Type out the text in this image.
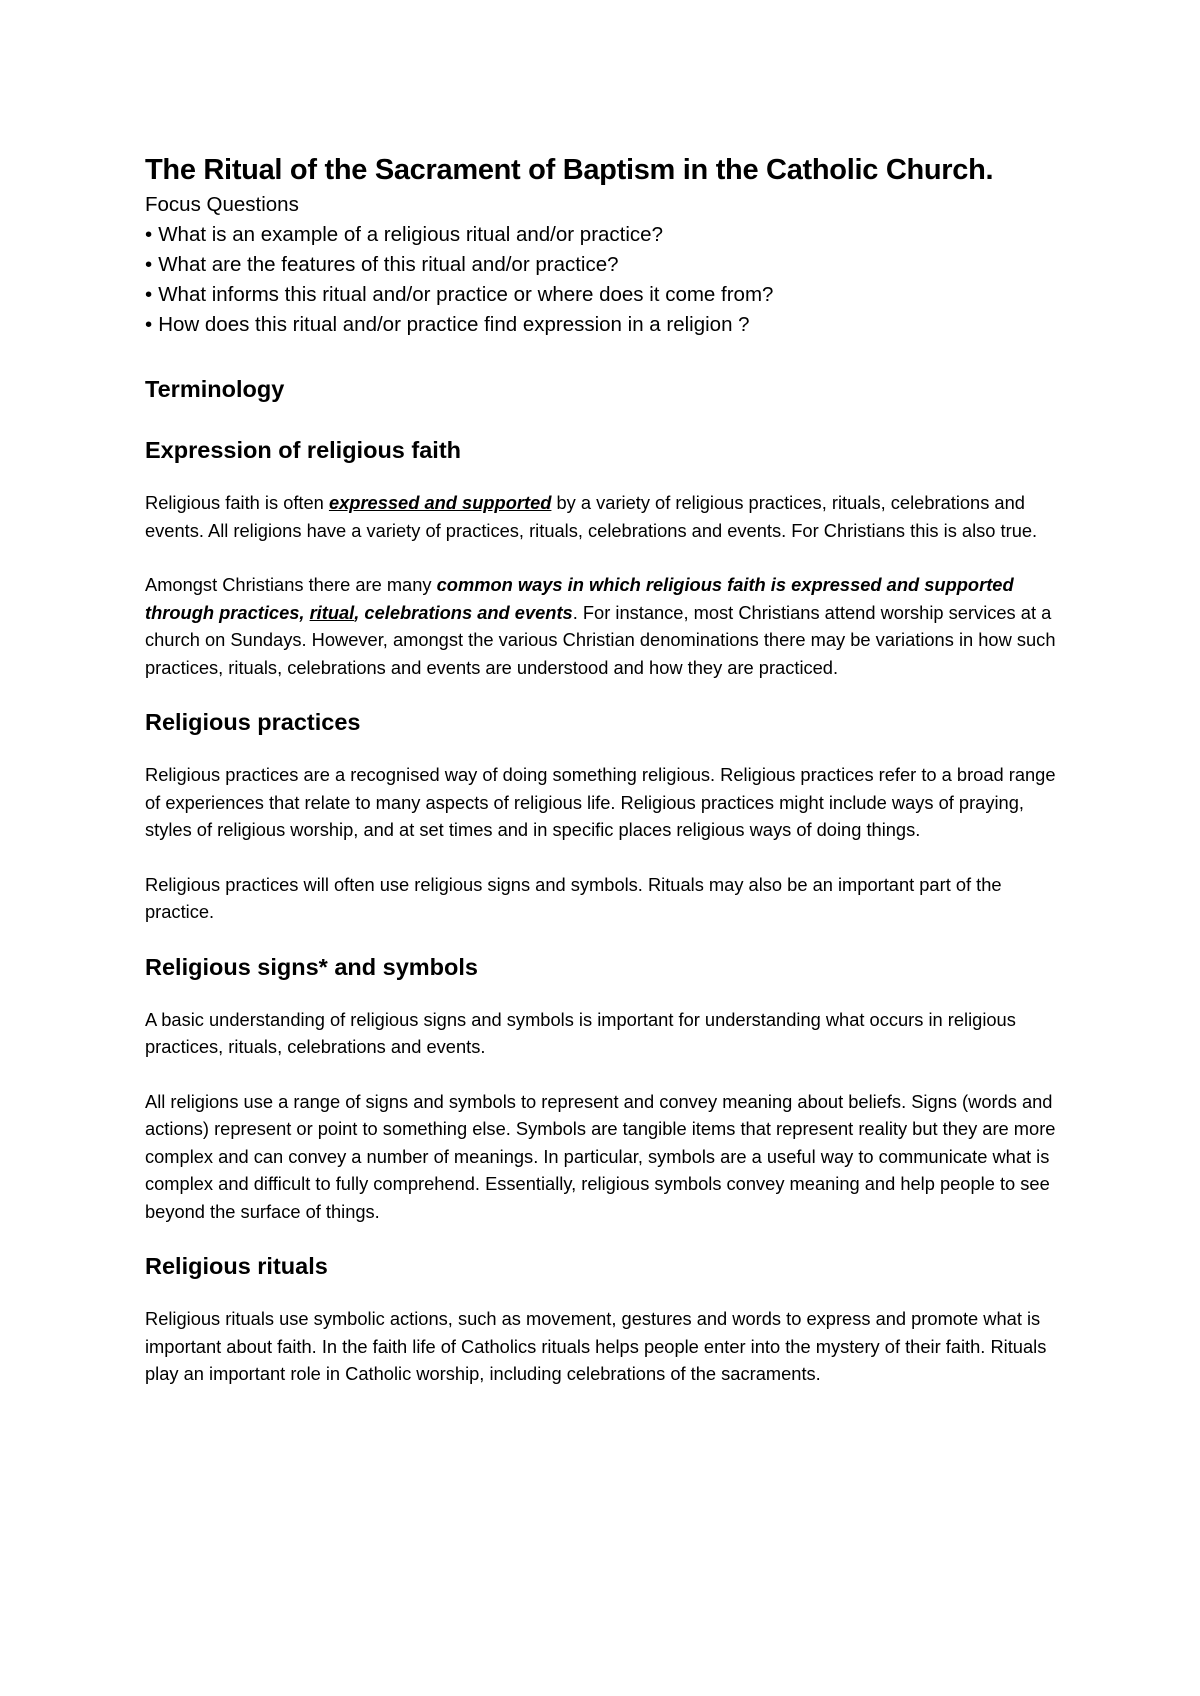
The Ritual of the Sacrament of Baptism in the Catholic Church.
Focus Questions
• What is an example of a religious ritual and/or practice?
• What are the features of this ritual and/or practice?
• What informs this ritual and/or practice or where does it come from?
• How does this ritual and/or practice find expression in a religion ?
Terminology
Expression of religious faith

Religious faith is often expressed and supported by a variety of religious practices, rituals, celebrations and events. All religions have a variety of practices, rituals, celebrations and events. For Christians this is also true.

Amongst Christians there are many common ways in which religious faith is expressed and supported through practices, ritual, celebrations and events. For instance, most Christians attend worship services at a church on Sundays. However, amongst the various Christian denominations there may be variations in how such practices, rituals, celebrations and events are understood and how they are practiced.

Religious practices

Religious practices are a recognised way of doing something religious. Religious practices refer to a broad range of experiences that relate to many aspects of religious life. Religious practices might include ways of praying, styles of religious worship, and at set times and in specific places religious ways of doing things.

Religious practices will often use religious signs and symbols. Rituals may also be an important part of the practice.

Religious signs* and symbols

A basic understanding of religious signs and symbols is important for understanding what occurs in religious practices, rituals, celebrations and events.

All religions use a range of signs and symbols to represent and convey meaning about beliefs. Signs (words and actions) represent or point to something else. Symbols are tangible items that represent reality but they are more complex and can convey a number of meanings. In particular, symbols are a useful way to communicate what is complex and difficult to fully comprehend. Essentially, religious symbols convey meaning and help people to see beyond the surface of things.

Religious rituals

Religious rituals use symbolic actions, such as movement, gestures and words to express and promote what is important about faith. In the faith life of Catholics rituals helps people enter into the mystery of their faith. Rituals play an important role in Catholic worship, including celebrations of the sacraments.
